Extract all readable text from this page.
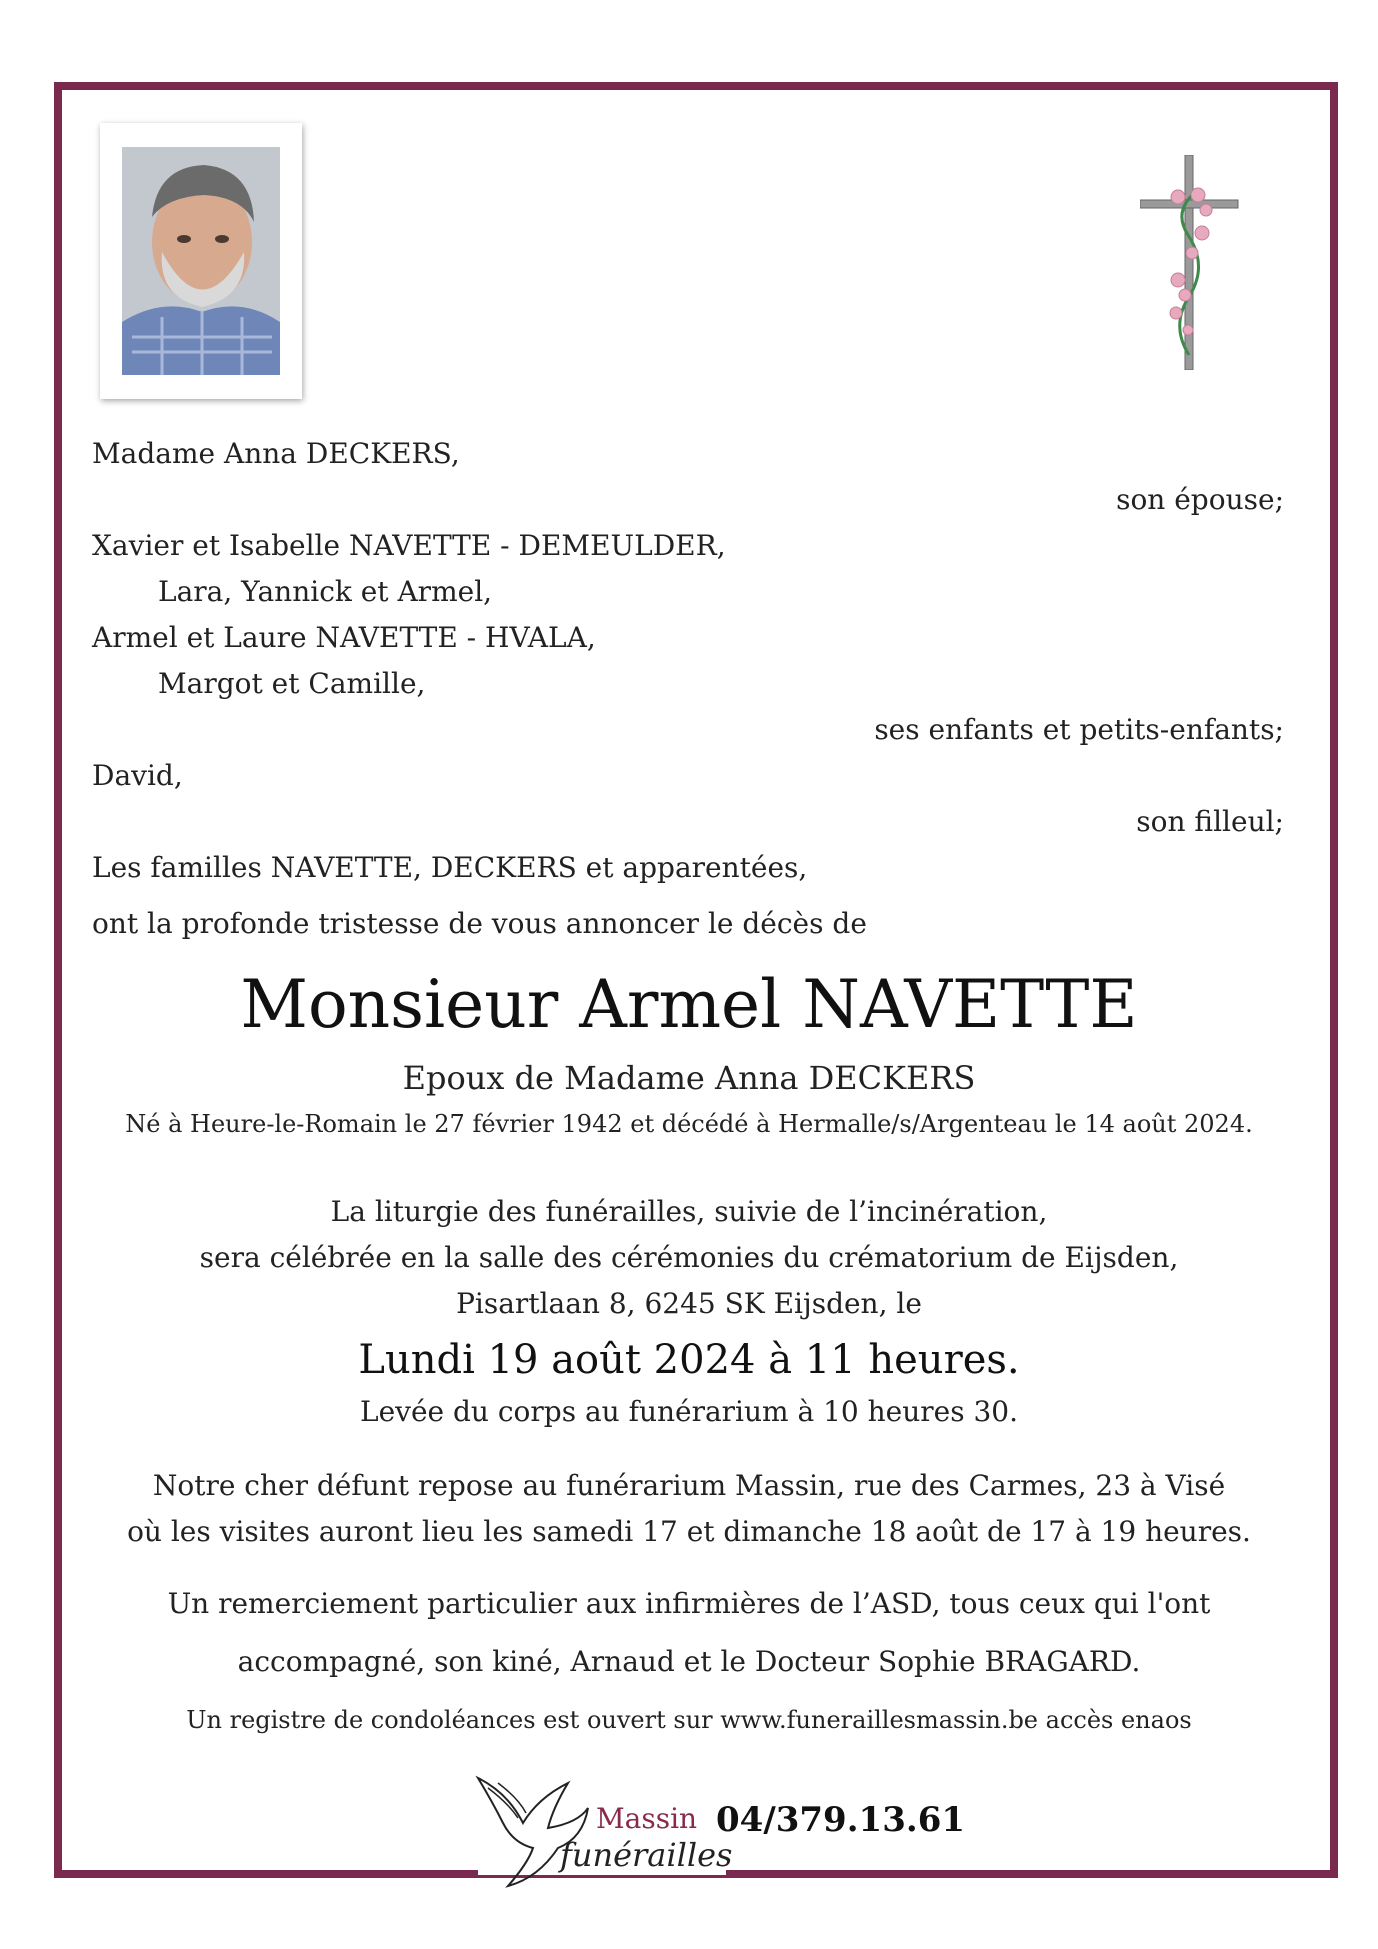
Madame Anna DECKERS,
son épouse;
Xavier et Isabelle NAVETTE - DEMEULDER,
Lara, Yannick et Armel,
Armel et Laure NAVETTE - HVALA,
Margot et Camille,
ses enfants et petits-enfants;
David,
son filleul;
Les familles NAVETTE, DECKERS et apparentées,
ont la profonde tristesse de vous annoncer le décès de
Monsieur Armel NAVETTE
Epoux de Madame Anna DECKERS
Né à Heure-le-Romain le 27 février 1942 et décédé à Hermalle/s/Argenteau le 14 août 2024.
La liturgie des funérailles, suivie de l’incinération,
sera célébrée en la salle des cérémonies du crématorium de Eijsden,
Pisartlaan 8, 6245 SK Eijsden, le
Lundi 19 août 2024 à 11 heures.
Levée du corps au funérarium à 10 heures 30.
Notre cher défunt repose au funérarium Massin, rue des Carmes, 23 à Visé
où les visites auront lieu les samedi 17 et dimanche 18 août de 17 à 19 heures.
Un remerciement particulier aux infirmières de l’ASD, tous ceux qui l'ont
accompagné, son kiné, Arnaud et le Docteur Sophie BRAGARD.
Un registre de condoléances est ouvert sur www.funeraillesmassin.be accès enaos
Massin
funérailles
04/379.13.61
